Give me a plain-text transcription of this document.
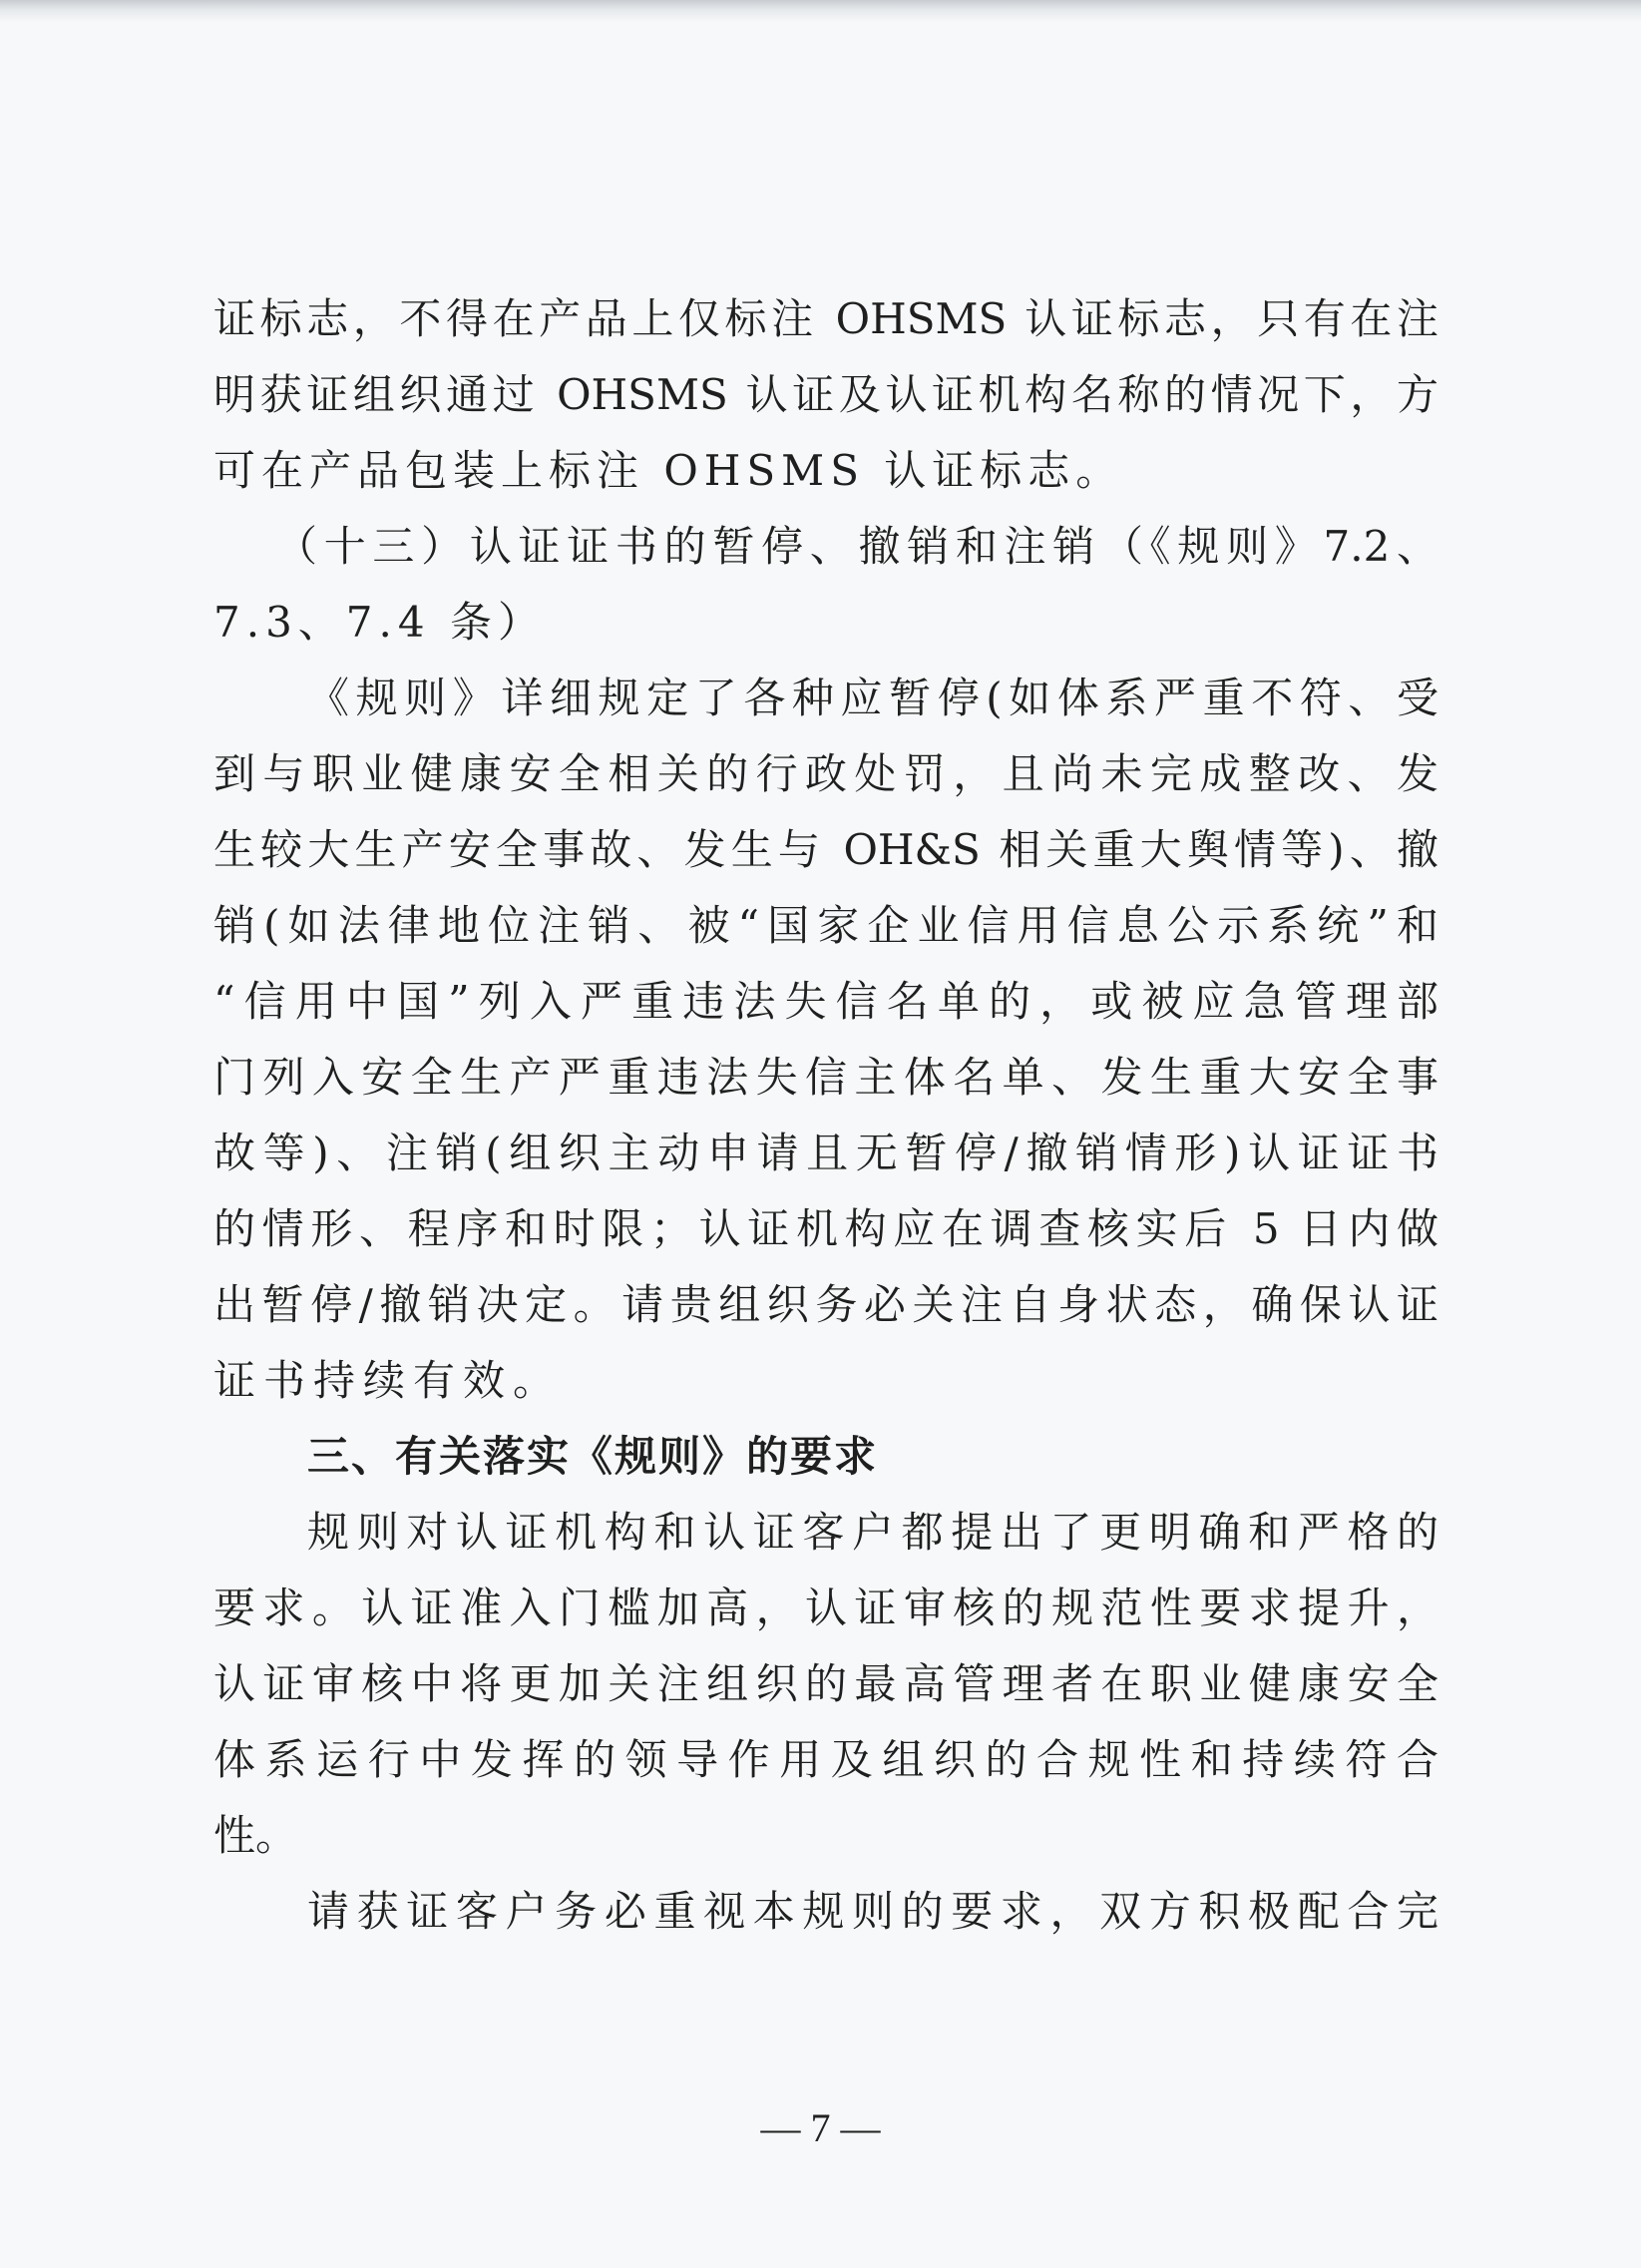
证标志，不得在产品上仅标注 OHSMS 认证标志，只有在注
明获证组织通过 OHSMS 认证及认证机构名称的情况下，方
可在产品包装上标注 OHSMS 认证标志。
（十三）认证证书的暂停、撤销和注销（《规则》7.2、
7.3、7.4 条）
《规则》详细规定了各种应暂停(如体系严重不符、受
到与职业健康安全相关的行政处罚，且尚未完成整改、发
生较大生产安全事故、发生与 OH&S 相关重大舆情等)、撤
销(如法律地位注销、被“国家企业信用信息公示系统”和
“信用中国”列入严重违法失信名单的，或被应急管理部
门列入安全生产严重违法失信主体名单、发生重大安全事
故等)、注销(组织主动申请且无暂停/撤销情形)认证证书
的情形、程序和时限；认证机构应在调查核实后 5 日内做
出暂停/撤销决定。请贵组织务必关注自身状态，确保认证
证书持续有效。
三、有关落实《规则》的要求
规则对认证机构和认证客户都提出了更明确和严格的
要求。认证准入门槛加高，认证审核的规范性要求提升，
认证审核中将更加关注组织的最高管理者在职业健康安全
体系运行中发挥的领导作用及组织的合规性和持续符合
性。
请获证客户务必重视本规则的要求，双方积极配合完
— 7 —
